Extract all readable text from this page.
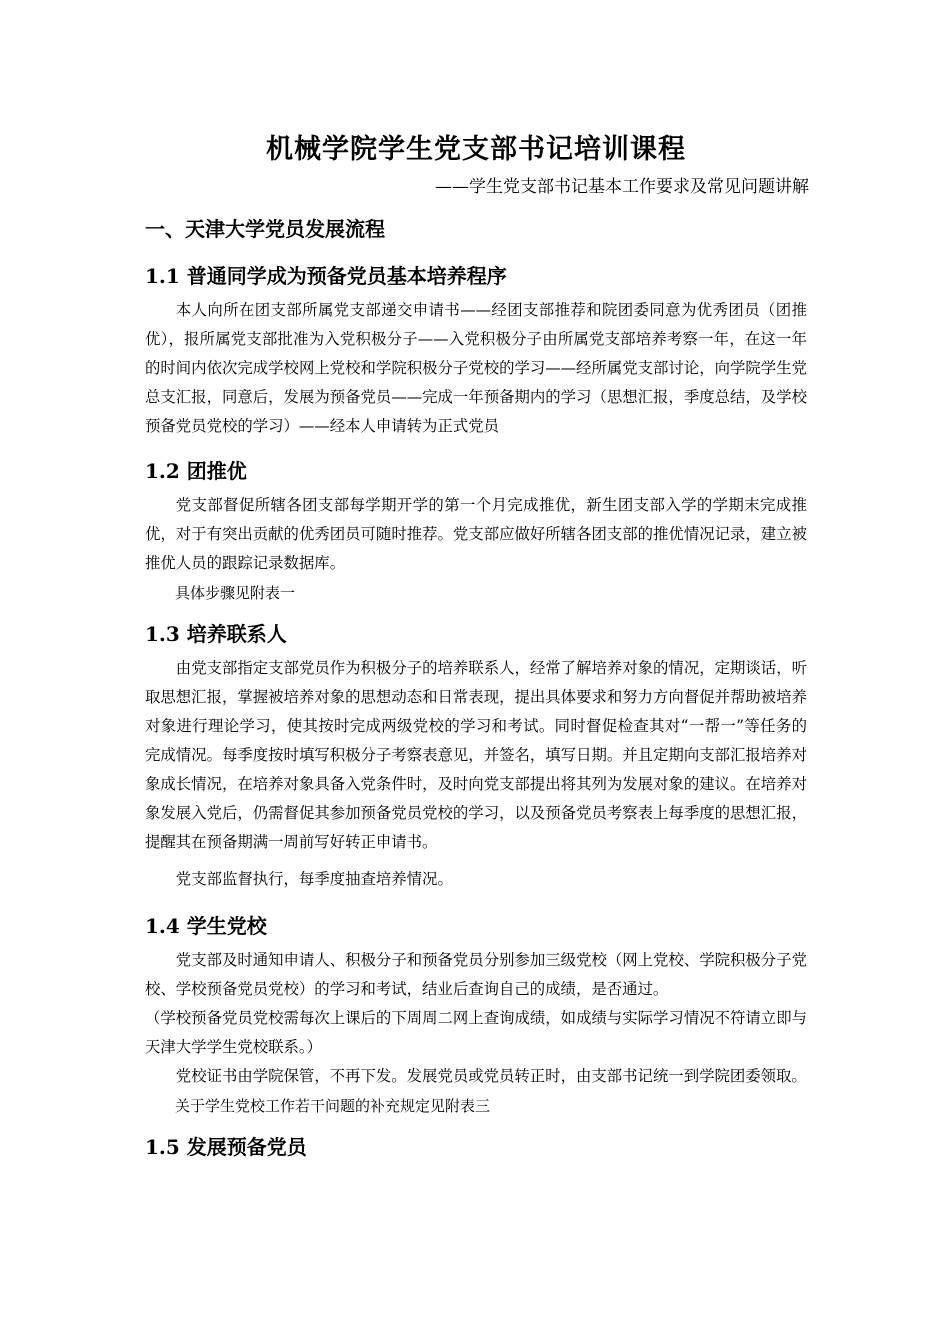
机械学院学生党支部书记培训课程

——学生党支部书记基本工作要求及常见问题讲解

一、天津大学党员发展流程
1.1 普通同学成为预备党员基本培养程序

本人向所在团支部所属党支部递交申请书——经团支部推荐和院团委同意为优秀团员（团推优），报所属党支部批准为入党积极分子——入党积极分子由所属党支部培养考察一年，在这一年的时间内依次完成学校网上党校和学院积极分子党校的学习——经所属党支部讨论，向学院学生党总支汇报，同意后，发展为预备党员——完成一年预备期内的学习（思想汇报，季度总结，及学校预备党员党校的学习）——经本人申请转为正式党员

1.2 团推优

党支部督促所辖各团支部每学期开学的第一个月完成推优，新生团支部入学的学期末完成推优，对于有突出贡献的优秀团员可随时推荐。党支部应做好所辖各团支部的推优情况记录，建立被推优人员的跟踪记录数据库。

具体步骤见附表一

1.3 培养联系人

由党支部指定支部党员作为积极分子的培养联系人，经常了解培养对象的情况，定期谈话，听取思想汇报，掌握被培养对象的思想动态和日常表现，提出具体要求和努力方向督促并帮助被培养对象进行理论学习，使其按时完成两级党校的学习和考试。同时督促检查其对“一帮一”等任务的完成情况。每季度按时填写积极分子考察表意见，并签名，填写日期。并且定期向支部汇报培养对象成长情况，在培养对象具备入党条件时，及时向党支部提出将其列为发展对象的建议。在培养对象发展入党后，仍需督促其参加预备党员党校的学习，以及预备党员考察表上每季度的思想汇报，提醒其在预备期满一周前写好转正申请书。

党支部监督执行，每季度抽查培养情况。

1.4 学生党校

党支部及时通知申请人、积极分子和预备党员分别参加三级党校（网上党校、学院积极分子党校、学校预备党员党校）的学习和考试，结业后查询自己的成绩，是否通过。

（学校预备党员党校需每次上课后的下周周二网上查询成绩，如成绩与实际学习情况不符请立即与天津大学学生党校联系。）

党校证书由学院保管，不再下发。发展党员或党员转正时，由支部书记统一到学院团委领取。

关于学生党校工作若干问题的补充规定见附表三

1.5 发展预备党员
